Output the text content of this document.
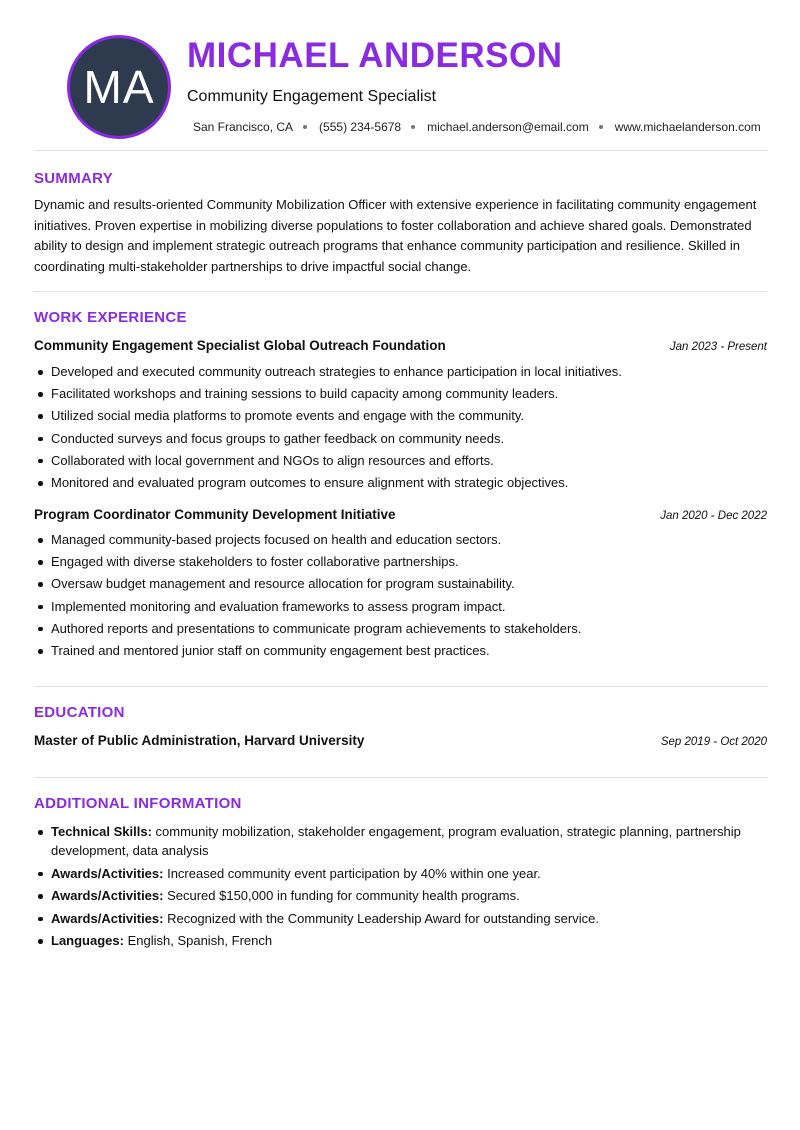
MA
MICHAEL ANDERSON
Community Engagement Specialist
San Francisco, CA (555) 234-5678 michael.anderson@email.com www.michaelanderson.com
SUMMARY
Dynamic and results-oriented Community Mobilization Officer with extensive experience in facilitating community engagement initiatives. Proven expertise in mobilizing diverse populations to foster collaboration and achieve shared goals. Demonstrated ability to design and implement strategic outreach programs that enhance community participation and resilience. Skilled in coordinating multi-stakeholder partnerships to drive impactful social change.
WORK EXPERIENCE
Community Engagement Specialist Global Outreach Foundation	Jan 2023 - Present
Developed and executed community outreach strategies to enhance participation in local initiatives.
Facilitated workshops and training sessions to build capacity among community leaders.
Utilized social media platforms to promote events and engage with the community.
Conducted surveys and focus groups to gather feedback on community needs.
Collaborated with local government and NGOs to align resources and efforts.
Monitored and evaluated program outcomes to ensure alignment with strategic objectives.
Program Coordinator Community Development Initiative	Jan 2020 - Dec 2022
Managed community-based projects focused on health and education sectors.
Engaged with diverse stakeholders to foster collaborative partnerships.
Oversaw budget management and resource allocation for program sustainability.
Implemented monitoring and evaluation frameworks to assess program impact.
Authored reports and presentations to communicate program achievements to stakeholders.
Trained and mentored junior staff on community engagement best practices.
EDUCATION
Master of Public Administration, Harvard University	Sep 2019 - Oct 2020
ADDITIONAL INFORMATION
Technical Skills: community mobilization, stakeholder engagement, program evaluation, strategic planning, partnership development, data analysis
Awards/Activities: Increased community event participation by 40% within one year.
Awards/Activities: Secured $150,000 in funding for community health programs.
Awards/Activities: Recognized with the Community Leadership Award for outstanding service.
Languages: English, Spanish, French
